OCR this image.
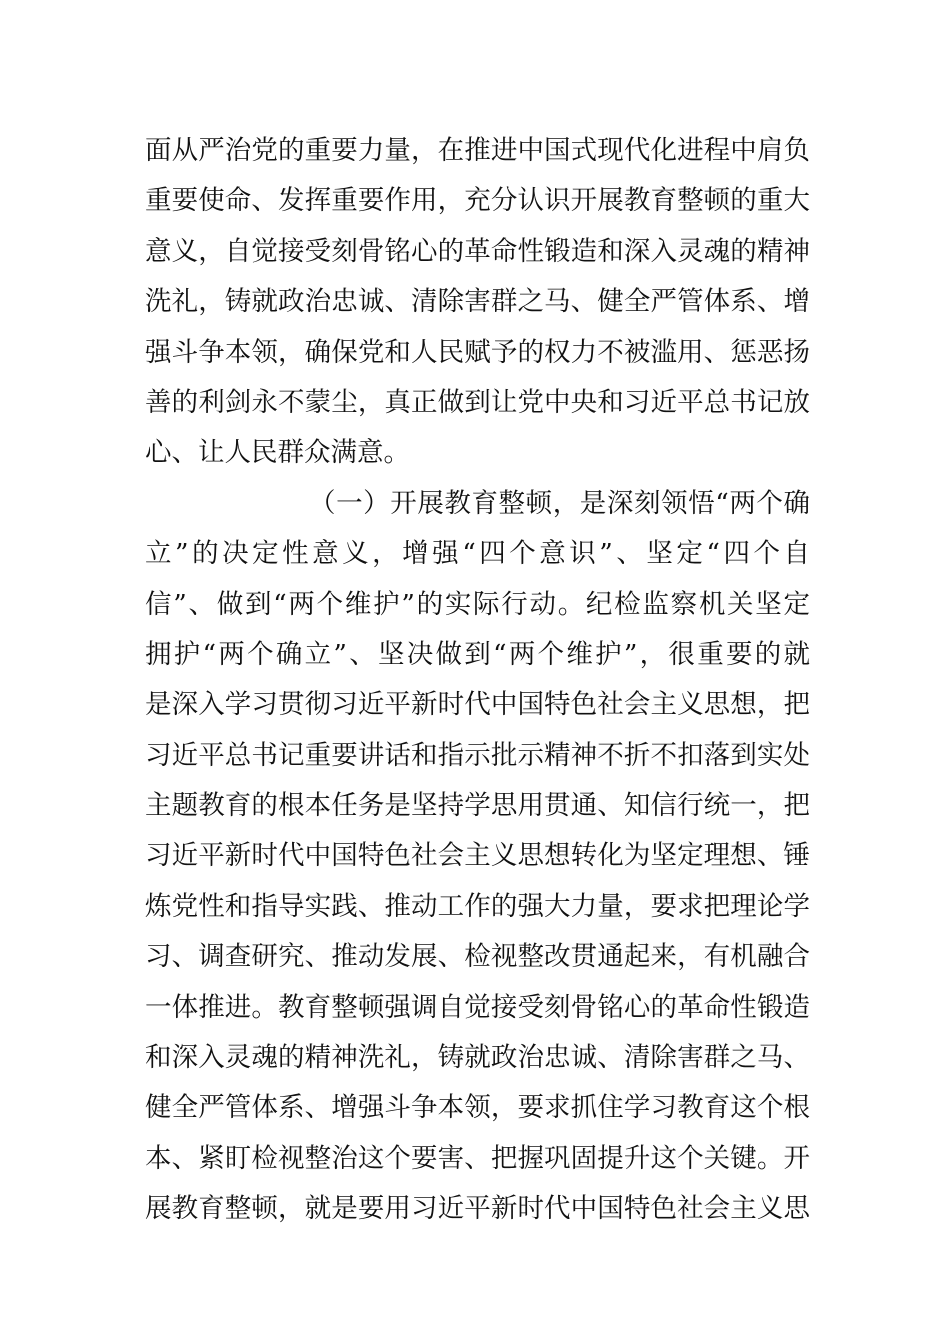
面从严治党的重要力量，在推进中国式现代化进程中肩负
重要使命、发挥重要作用，充分认识开展教育整顿的重大
意义，自觉接受刻骨铭心的革命性锻造和深入灵魂的精神
洗礼，铸就政治忠诚、清除害群之马、健全严管体系、增
强斗争本领，确保党和人民赋予的权力不被滥用、惩恶扬
善的利剑永不蒙尘，真正做到让党中央和习近平总书记放
心、让人民群众满意。
（一）开展教育整顿，是深刻领悟“两个确
立”的决定性意义，增强“四个意识”、坚定“四个自
信”、做到“两个维护”的实际行动。纪检监察机关坚定
拥护“两个确立”、坚决做到“两个维护”，很重要的就
是深入学习贯彻习近平新时代中国特色社会主义思想，把
习近平总书记重要讲话和指示批示精神不折不扣落到实处
主题教育的根本任务是坚持学思用贯通、知信行统一，把
习近平新时代中国特色社会主义思想转化为坚定理想、锤
炼党性和指导实践、推动工作的强大力量，要求把理论学
习、调查研究、推动发展、检视整改贯通起来，有机融合
一体推进。教育整顿强调自觉接受刻骨铭心的革命性锻造
和深入灵魂的精神洗礼，铸就政治忠诚、清除害群之马、
健全严管体系、增强斗争本领，要求抓住学习教育这个根
本、紧盯检视整治这个要害、把握巩固提升这个关键。开
展教育整顿，就是要用习近平新时代中国特色社会主义思
